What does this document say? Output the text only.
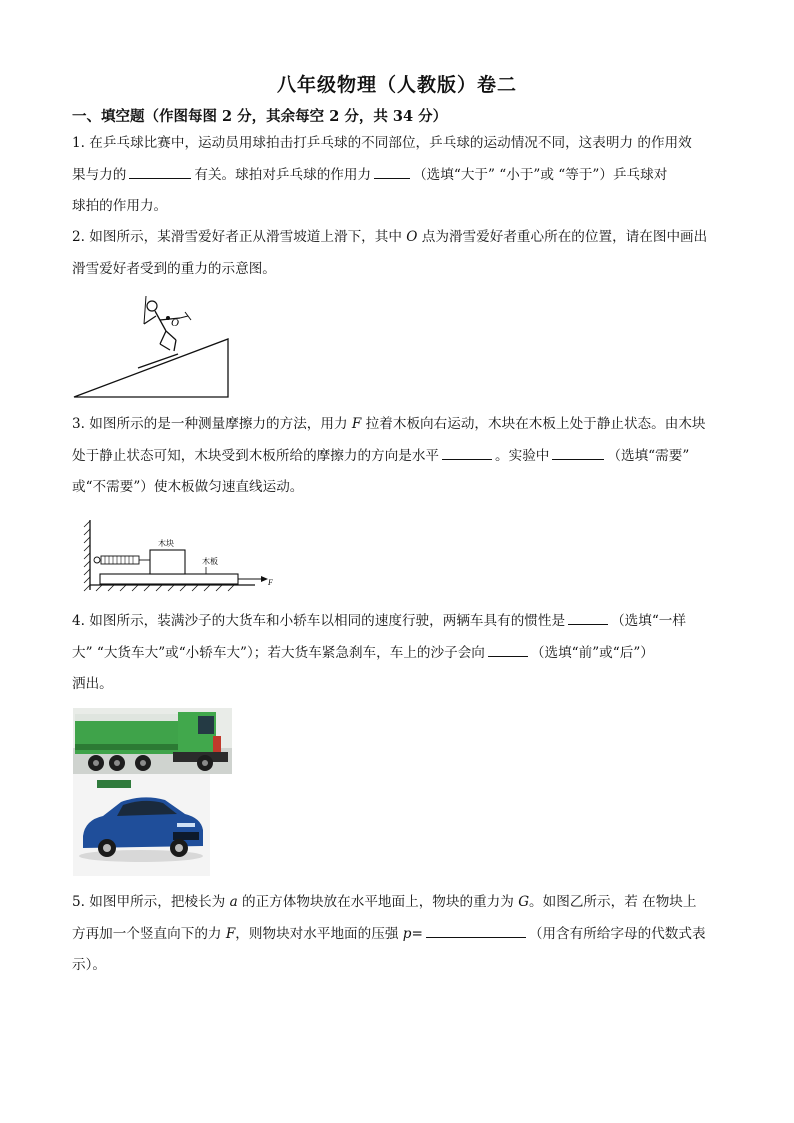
八年级物理（人教版）卷二
一、填空题（作图每图 2 分，其余每空 2 分，共 34 分）
1. 在乒乓球比赛中，运动员用球拍击打乒乓球的不同部位，乒乓球的运动情况不同，这表明力 的作用效
果与力的	有关。球拍对乒乓球的作用力	（选填“大于” “小于”或 “等于”）乒乓球对
球拍的作用力。
2. 如图所示，某滑雪爱好者正从滑雪坡道上滑下，其中 O 点为滑雪爱好者重心所在的位置，请在图中画出
滑雪爱好者受到的重力的示意图。
O
3. 如图所示的是一种测量摩擦力的方法，用力 F 拉着木板向右运动，木块在木板上处于静止状态。由木块
处于静止状态可知，木块受到木板所给的摩擦力的方向是水平	。实验中	（选填“需要”
或“不需要”）使木板做匀速直线运动。
木板
木块
F
4. 如图所示，装满沙子的大货车和小轿车以相同的速度行驶，两辆车具有的惯性是	（选填“一样
大” “大货车大”或“小轿车大”）；若大货车紧急刹车，车上的沙子会向	（选填“前”或“后”）
洒出。
5. 如图甲所示，把棱长为 a 的正方体物块放在水平地面上，物块的重力为 G。如图乙所示，若 在物块上
方再加一个竖直向下的力 F，则物块对水平地面的压强 p=	（用含有所给字母的代数式表
示）。
